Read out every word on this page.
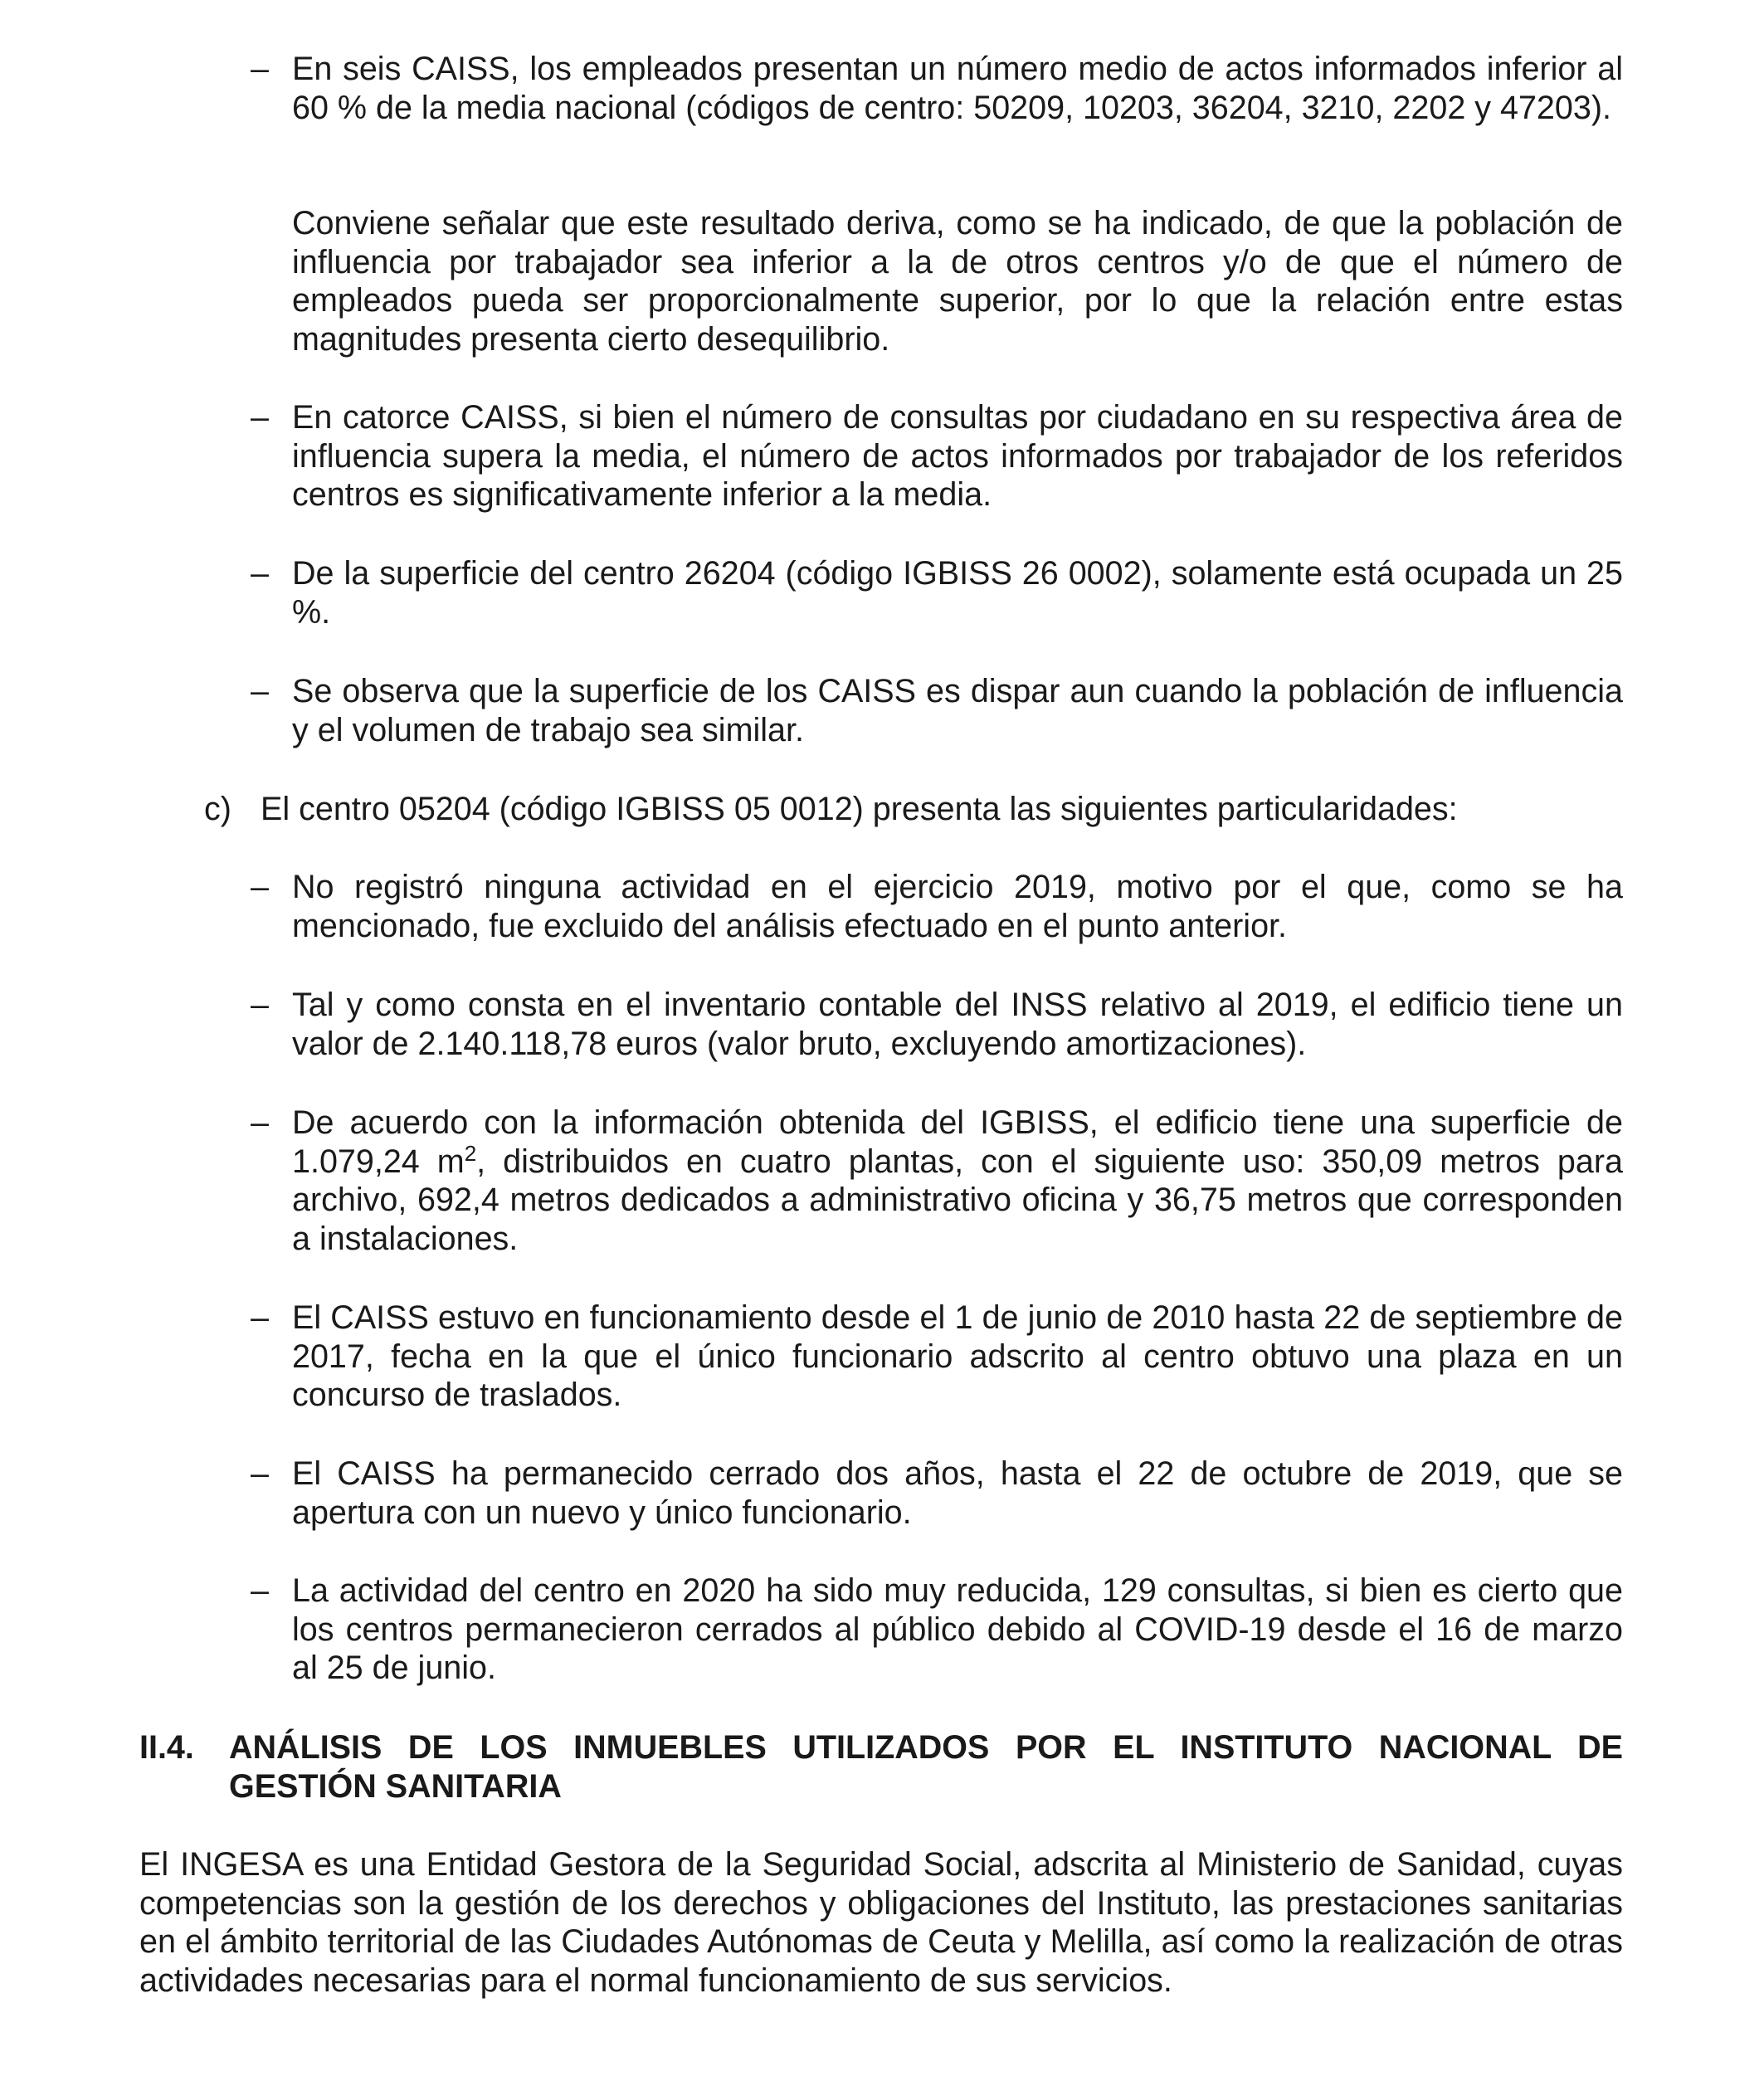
– En seis CAISS, los empleados presentan un número medio de actos informados inferior al 60 % de la media nacional (códigos de centro: 50209, 10203, 36204, 3210, 2202 y 47203).

Conviene señalar que este resultado deriva, como se ha indicado, de que la población de influencia por trabajador sea inferior a la de otros centros y/o de que el número de empleados pueda ser proporcionalmente superior, por lo que la relación entre estas magnitudes presenta cierto desequilibrio.

– En catorce CAISS, si bien el número de consultas por ciudadano en su respectiva área de influencia supera la media, el número de actos informados por trabajador de los referidos centros es significativamente inferior a la media.

– De la superficie del centro 26204 (código IGBISS 26 0002), solamente está ocupada un 25 %.

– Se observa que la superficie de los CAISS es dispar aun cuando la población de influencia y el volumen de trabajo sea similar.

c) El centro 05204 (código IGBISS 05 0012) presenta las siguientes particularidades:

– No registró ninguna actividad en el ejercicio 2019, motivo por el que, como se ha mencionado, fue excluido del análisis efectuado en el punto anterior.

– Tal y como consta en el inventario contable del INSS relativo al 2019, el edificio tiene un valor de 2.140.118,78 euros (valor bruto, excluyendo amortizaciones).

– De acuerdo con la información obtenida del IGBISS, el edificio tiene una superficie de 1.079,24 $m^2$, distribuidos en cuatro plantas, con el siguiente uso: 350,09 metros para archivo, 692,4 metros dedicados a administrativo oficina y 36,75 metros que corresponden a instalaciones.

– El CAISS estuvo en funcionamiento desde el 1 de junio de 2010 hasta 22 de septiembre de 2017, fecha en la que el único funcionario adscrito al centro obtuvo una plaza en un concurso de traslados.

– El CAISS ha permanecido cerrado dos años, hasta el 22 de octubre de 2019, que se apertura con un nuevo y único funcionario.

– La actividad del centro en 2020 ha sido muy reducida, 129 consultas, si bien es cierto que los centros permanecieron cerrados al público debido al COVID-19 desde el 16 de marzo al 25 de junio.

II.4. ANÁLISIS DE LOS INMUEBLES UTILIZADOS POR EL INSTITUTO NACIONAL DE GESTIÓN SANITARIA

El INGESA es una Entidad Gestora de la Seguridad Social, adscrita al Ministerio de Sanidad, cuyas competencias son la gestión de los derechos y obligaciones del Instituto, las prestaciones sanitarias en el ámbito territorial de las Ciudades Autónomas de Ceuta y Melilla, así como la realización de otras actividades necesarias para el normal funcionamiento de sus servicios.
